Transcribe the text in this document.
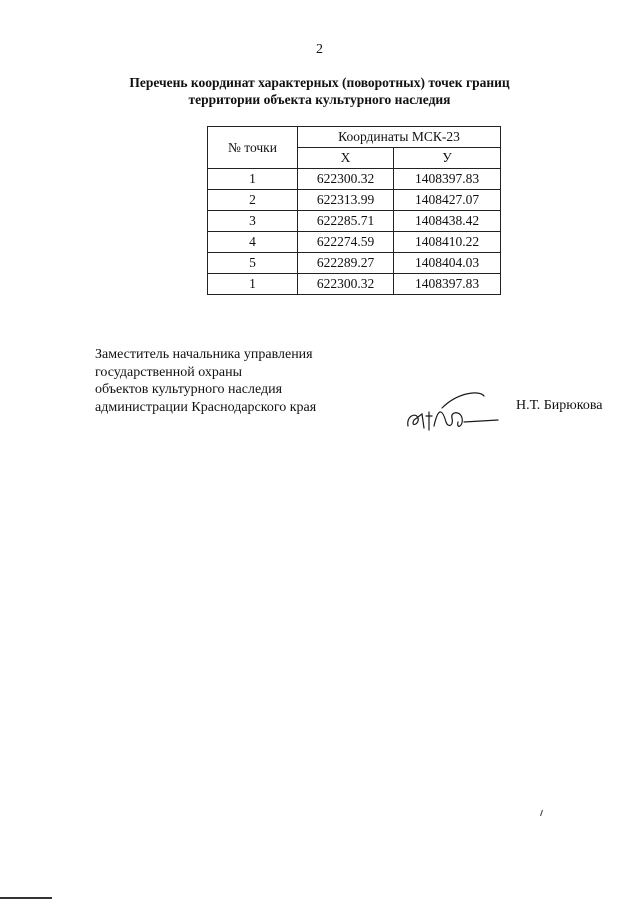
2
Перечень координат характерных (поворотных) точек границ
территории объекта культурного наследия
№ точки	Координаты МСК-23	
	Х	У
1	622300.32	1408397.83
2	622313.99	1408427.07
3	622285.71	1408438.42
4	622274.59	1408410.22
5	622289.27	1408404.03
1	622300.32	1408397.83
Заместитель начальника управления
государственной охраны
объектов культурного наследия
администрации Краснодарского края	Н.Т. Бирюкова
